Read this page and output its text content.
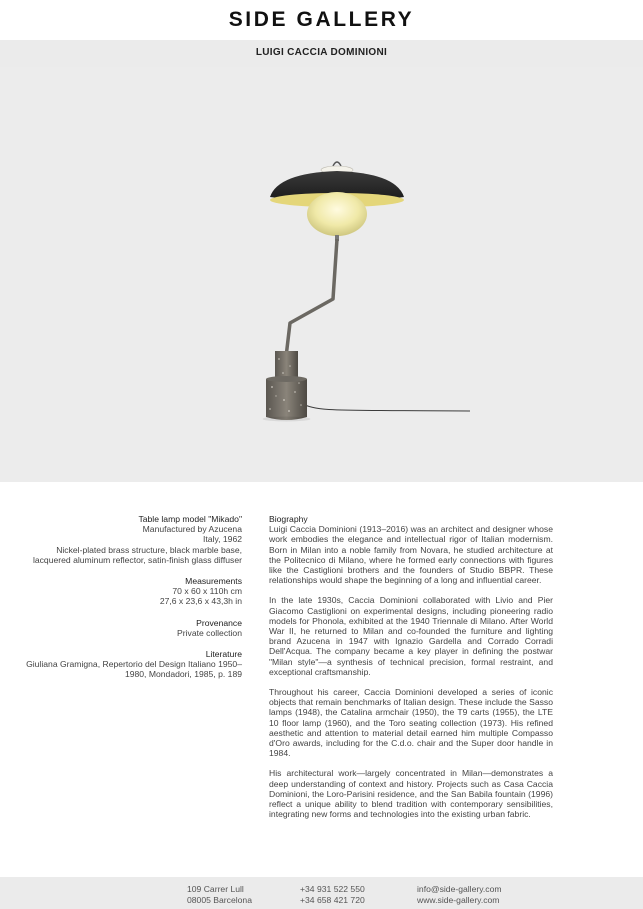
SIDE GALLERY
LUIGI CACCIA DOMINIONI
Table lamp model "Mikado"
Manufactured by Azucena
Italy, 1962
Nickel-plated brass structure, black marble base, lacquered aluminum reflector, satin-finish glass diffuser
Measurements
70 x 60 x 110h cm
27,6 x 23,6 x 43,3h in
Provenance
Private collection
Literature
Giuliana Gramigna, Repertorio del Design Italiano 1950–1980, Mondadori, 1985, p. 189
Biography

Luigi Caccia Dominioni (1913–2016) was an architect and designer whose work embodies the elegance and intellectual rigor of Italian modernism. Born in Milan into a noble family from Novara, he studied architecture at the Politecnico di Milano, where he formed early connections with figures like the Castiglioni brothers and the founders of Studio BBPR. These relationships would shape the beginning of a long and influential career.

In the late 1930s, Caccia Dominioni collaborated with Livio and Pier Giacomo Castiglioni on experimental designs, including pioneering radio models for Phonola, exhibited at the 1940 Triennale di Milano. After World War II, he returned to Milan and co-founded the furniture and lighting brand Azucena in 1947 with Ignazio Gardella and Corrado Corradi Dell'Acqua. The company became a key player in defining the postwar "Milan style"—a synthesis of technical precision, formal restraint, and exceptional craftsmanship.

Throughout his career, Caccia Dominioni developed a series of iconic objects that remain benchmarks of Italian design. These include the Sasso lamps (1948), the Catalina armchair (1950), the T9 carts (1955), the LTE 10 floor lamp (1960), and the Toro seating collection (1973). His refined aesthetic and attention to material detail earned him multiple Compasso d'Oro awards, including for the C.d.o. chair and the Super door handle in 1984.

His architectural work—largely concentrated in Milan—demonstrates a deep understanding of context and history. Projects such as Casa Caccia Dominioni, the Loro-Parisini residence, and the San Babila fountain (1996) reflect a unique ability to blend tradition with contemporary sensibilities, integrating new forms and technologies into the existing urban fabric.

109 Carrer Lull
08005 Barcelona
+34 931 522 550
+34 658 421 720
info@side-gallery.com
www.side-gallery.com
